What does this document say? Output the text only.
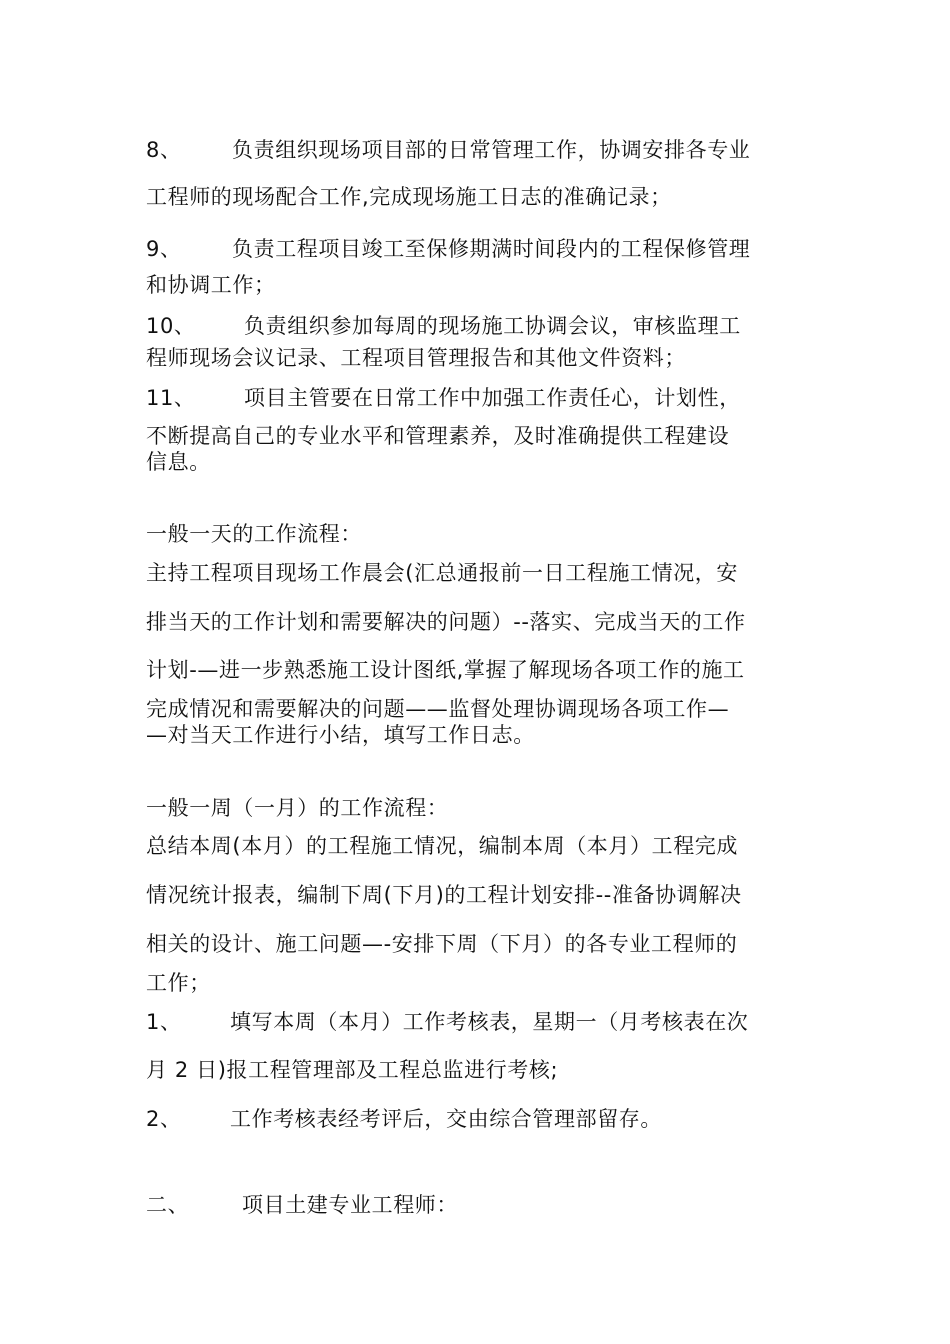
8、 负责组织现场项目部的日常管理工作，协调安排各专业
工程师的现场配合工作,完成现场施工日志的准确记录；
9、 负责工程项目竣工至保修期满时间段内的工程保修管理
和协调工作；
10、 负责组织参加每周的现场施工协调会议，审核监理工
程师现场会议记录、工程项目管理报告和其他文件资料；
11、 项目主管要在日常工作中加强工作责任心，计划性，
不断提高自己的专业水平和管理素养，及时准确提供工程建设
信息。
一般一天的工作流程：
主持工程项目现场工作晨会(汇总通报前一日工程施工情况，安
排当天的工作计划和需要解决的问题）--落实、完成当天的工作
计划-—进一步熟悉施工设计图纸,掌握了解现场各项工作的施工
完成情况和需要解决的问题——监督处理协调现场各项工作—
—对当天工作进行小结，填写工作日志。
一般一周（一月）的工作流程：
总结本周(本月）的工程施工情况，编制本周（本月）工程完成
情况统计报表，编制下周(下月)的工程计划安排--准备协调解决
相关的设计、施工问题—-安排下周（下月）的各专业工程师的
工作；
1、 填写本周（本月）工作考核表，星期一（月考核表在次
月 2 日)报工程管理部及工程总监进行考核;
2、 工作考核表经考评后，交由综合管理部留存。
二、	项目土建专业工程师：
